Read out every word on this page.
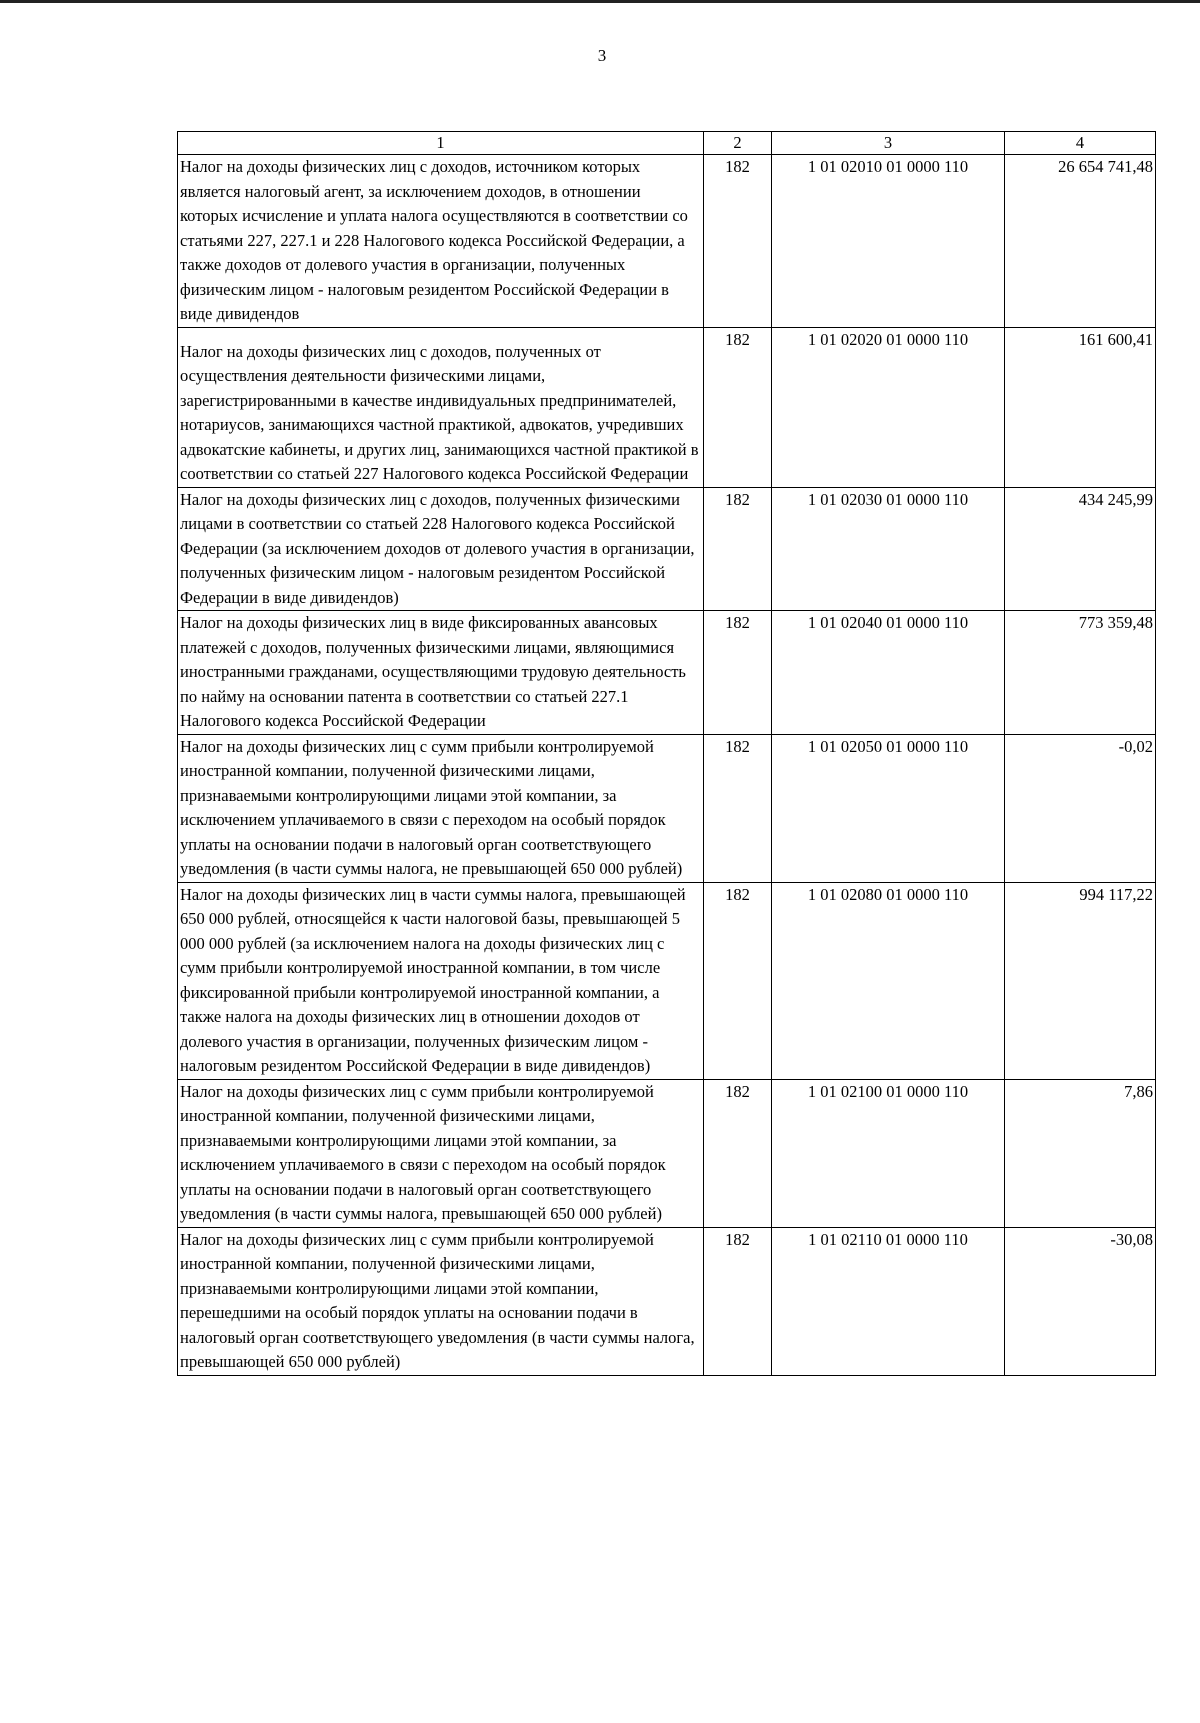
3
1	2	3	4
Налог на доходы физических лиц с доходов, источником которых является налоговый агент, за исключением доходов, в отношении которых исчисление и уплата налога осуществляются в соответствии со статьями 227, 227.1 и 228 Налогового кодекса Российской Федерации, а также доходов от долевого участия в организации, полученных физическим лицом - налоговым резидентом Российской Федерации в виде дивидендов	182	1 01 02010 01 0000 110	26 654 741,48
Налог на доходы физических лиц с доходов, полученных от осуществления деятельности физическими лицами, зарегистрированными в качестве индивидуальных предпринимателей, нотариусов, занимающихся частной практикой, адвокатов, учредивших адвокатские кабинеты, и других лиц, занимающихся частной практикой в соответствии со статьей 227 Налогового кодекса Российской Федерации	182	1 01 02020 01 0000 110	161 600,41
Налог на доходы физических лиц с доходов, полученных физическими лицами в соответствии со статьей 228 Налогового кодекса Российской Федерации (за исключением доходов от долевого участия в организации, полученных физическим лицом - налоговым резидентом Российской Федерации в виде дивидендов)	182	1 01 02030 01 0000 110	434 245,99
Налог на доходы физических лиц в виде фиксированных авансовых платежей с доходов, полученных физическими лицами, являющимися иностранными гражданами, осуществляющими трудовую деятельность по найму на основании патента в соответствии со статьей 227.1 Налогового кодекса Российской Федерации	182	1 01 02040 01 0000 110	773 359,48
Налог на доходы физических лиц с сумм прибыли контролируемой иностранной компании, полученной физическими лицами, признаваемыми контролирующими лицами этой компании, за исключением уплачиваемого в связи с переходом на особый порядок уплаты на основании подачи в налоговый орган соответствующего уведомления (в части суммы налога, не превышающей 650 000 рублей)	182	1 01 02050 01 0000 110	-0,02
Налог на доходы физических лиц в части суммы налога, превышающей 650 000 рублей, относящейся к части налоговой базы, превышающей 5 000 000 рублей (за исключением налога на доходы физических лиц с сумм прибыли контролируемой иностранной компании, в том числе фиксированной прибыли контролируемой иностранной компании, а также налога на доходы физических лиц в отношении доходов от долевого участия в организации, полученных физическим лицом - налоговым резидентом Российской Федерации в виде дивидендов)	182	1 01 02080 01 0000 110	994 117,22
Налог на доходы физических лиц с сумм прибыли контролируемой иностранной компании, полученной физическими лицами, признаваемыми контролирующими лицами этой компании, за исключением уплачиваемого в связи с переходом на особый порядок уплаты на основании подачи в налоговый орган соответствующего уведомления (в части суммы налога, превышающей 650 000 рублей)	182	1 01 02100 01 0000 110	7,86
Налог на доходы физических лиц с сумм прибыли контролируемой иностранной компании, полученной физическими лицами, признаваемыми контролирующими лицами этой компании, перешедшими на особый порядок уплаты на основании подачи в налоговый орган соответствующего уведомления (в части суммы налога, превышающей 650 000 рублей)	182	1 01 02110 01 0000 110	-30,08
